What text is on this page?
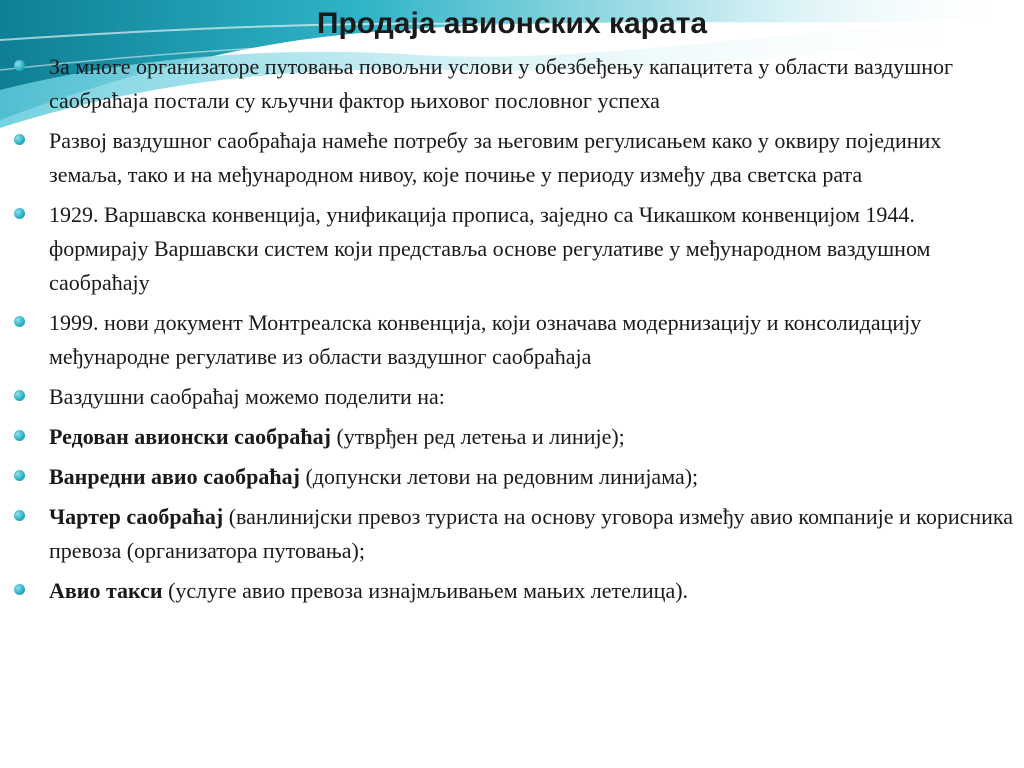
Продаја авионских карата
За многе организаторе путовања повољни услови у обезбеђењу капацитета у области ваздушног саобраћаја постали су кључни фактор њиховог пословног успеха
Развој ваздушног саобраћаја намеће потребу за његовим регулисањем како у оквиру појединих земаља, тако и на међународном нивоу, које почиње у периоду између два светска рата
1929. Варшавска конвенција, унификација прописа, заједно са Чикашком конвенцијом 1944. формирају Варшавски систем који представља основе регулативе у међународном ваздушном саобраћају
1999. нови документ Монтреалска конвенција, који означава модернизацију и консолидацију међународне регулативе из области ваздушног саобраћаја
Ваздушни саобраћај можемо поделити на:
Редован авионски саобраћај (утврђен ред летења и линије);
Ванредни авио саобраћај (допунски летови на редовним линијама);
Чартер саобраћај (ванлинијски превоз туриста на основу уговора између авио компаније и корисника превоза (организатора путовања);
Авио такси (услуге авио превоза изнајмљивањем мањих летелица).
